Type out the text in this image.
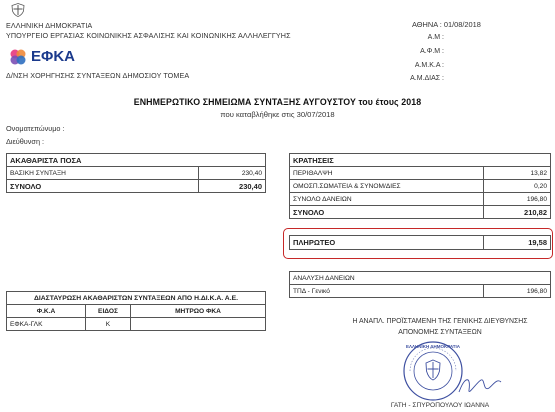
ΕΛΛΗΝΙΚΗ ΔΗΜΟΚΡΑΤΙΑ
ΥΠΟΥΡΓΕΙΟ ΕΡΓΑΣΙΑΣ ΚΟΙΝΩΝΙΚΗΣ ΑΣΦΑΛΙΣΗΣ ΚΑΙ ΚΟΙΝΩΝΙΚΗΣ ΑΛΛΗΛΕΓΓΥΗΣ
ΕΦΚΑ
Δ/ΝΣΗ ΧΟΡΗΓΗΣΗΣ ΣΥΝΤΑΞΕΩΝ ΔΗΜΟΣΙΟΥ ΤΟΜΕΑ
ΑΘΗΝΑ : 01/08/2018
Α.Μ :
Α.Φ.Μ :
Α.Μ.Κ.Α :
Α.Μ.ΔΙΑΣ :
ΕΝΗΜΕΡΩΤΙΚΟ ΣΗΜΕΙΩΜΑ ΣΥΝΤΑΞΗΣ ΑΥΓΟΥΣΤΟΥ του έτους 2018
που καταβλήθηκε στις 30/07/2018
Ονοματεπώνυμο :
Διεύθυνση :
ΑΚΑΘΑΡΙΣΤΑ ΠΟΣΑ	
ΒΑΣΙΚΗ ΣΥΝΤΑΞΗ	230,40
ΣΥΝΟΛΟ	230,40
ΚΡΑΤΗΣΕΙΣ	
ΠΕΡΙΘΑΛΨΗ	13,82
ΟΜΟΣΠ.ΣΩΜΑΤΕΙΑ & ΣΥΝΟΜ/ΔΙΕΣ	0,20
ΣΥΝΟΛΟ ΔΑΝΕΙΩΝ	196,80
ΣΥΝΟΛΟ	210,82
ΠΛΗΡΩΤΕΟ	19,58
ΑΝΑΛΥΣΗ ΔΑΝΕΙΩΝ
ΤΠΔ - Γενικό	196,80
ΔΙΑΣΤΑΥΡΩΣΗ ΑΚΑΘΑΡΙΣΤΩΝ ΣΥΝΤΑΞΕΩΝ ΑΠΟ Η.ΔΙ.Κ.Α. Α.Ε.		
Φ.Κ.Α	ΕΙΔΟΣ	ΜΗΤΡΩΟ ΦΚΑ
ΕΦΚΑ-ΓΛΚ	Κ		Η ΑΝΑΠΛ. ΠΡΟΪΣΤΑΜΕΝΗ ΤΗΣ ΓΕΝΙΚΗΣ ΔΙΕΥΘΥΝΣΗΣ
ΑΠΟΝΟΜΗΣ ΣΥΝΤΑΞΕΩΝ
ΕΛΛΗΝΙΚΗ ΔΗΜΟΚΡΑΤΙΑ
ΓΑΤΗ - ΣΠΥΡΟΠΟΥΛΟΥ ΙΩΑΝΝΑ
